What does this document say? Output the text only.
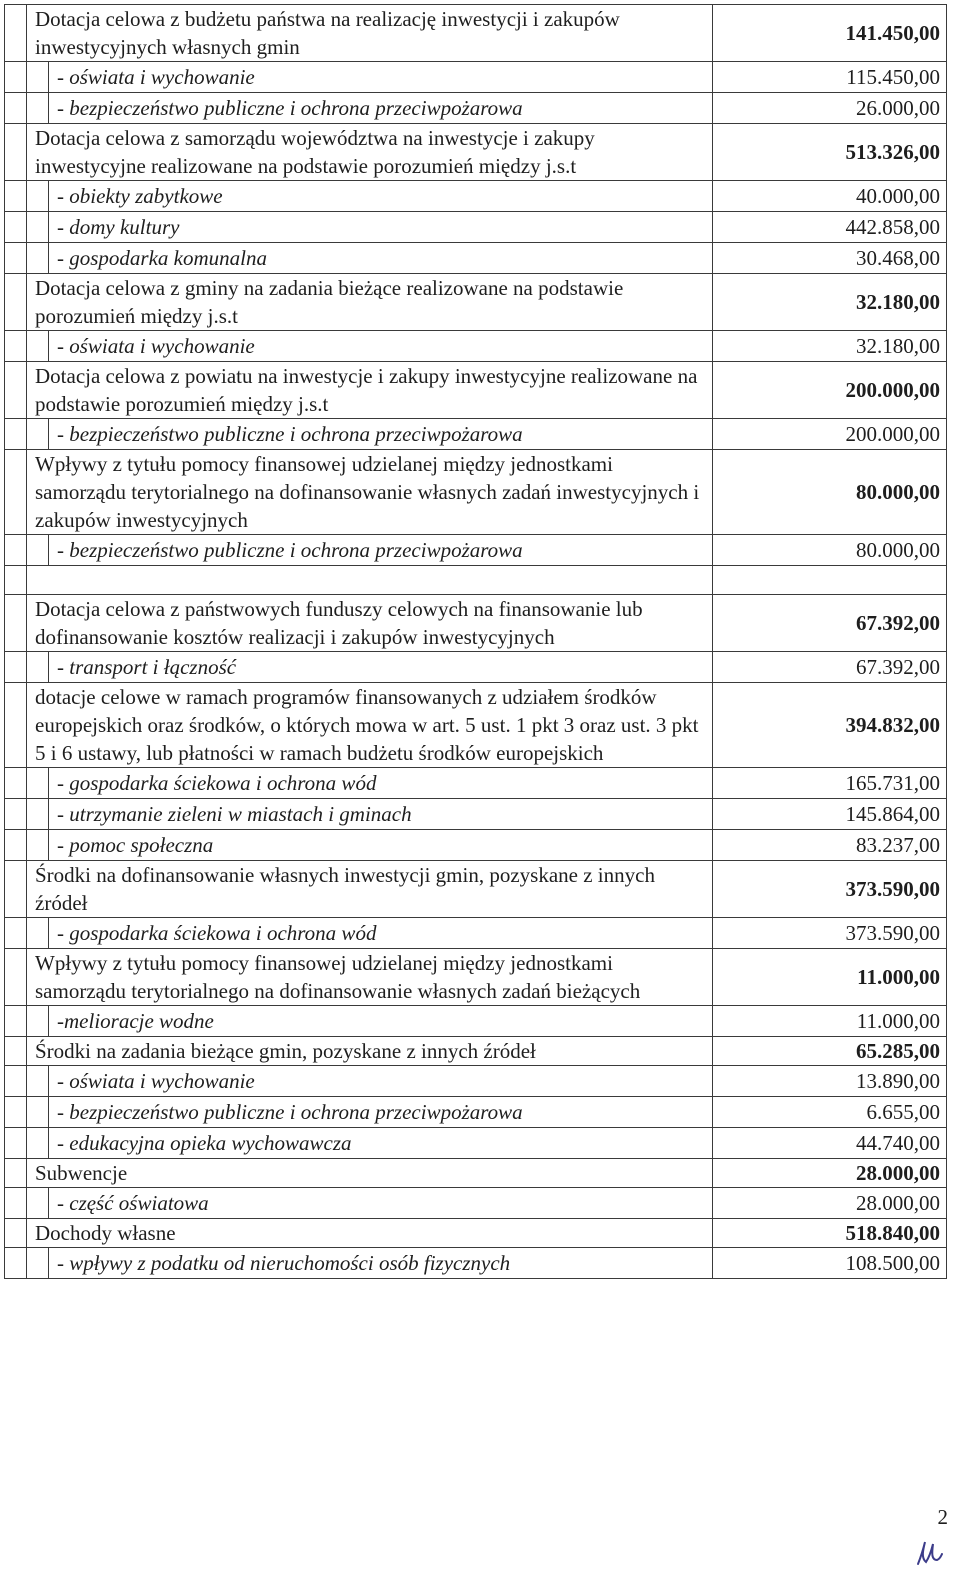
	Dotacja celowa z budżetu państwa na realizację inwestycji i zakupów inwestycyjnych własnych gmin		141.450,00
		- oświata i wychowanie	115.450,00
		- bezpieczeństwo publiczne i ochrona przeciwpożarowa	26.000,00
	Dotacja celowa z samorządu województwa na inwestycje i zakupy inwestycyjne realizowane na podstawie porozumień między j.s.t		513.326,00
		- obiekty zabytkowe	40.000,00
		- domy kultury	442.858,00
		- gospodarka komunalna	30.468,00
	Dotacja celowa z gminy na zadania bieżące realizowane na podstawie porozumień między j.s.t		32.180,00
		- oświata i wychowanie	32.180,00
	Dotacja celowa z powiatu na inwestycje i zakupy inwestycyjne realizowane na podstawie porozumień między j.s.t		200.000,00
		- bezpieczeństwo publiczne i ochrona przeciwpożarowa	200.000,00
	Wpływy z tytułu pomocy finansowej udzielanej między jednostkami samorządu terytorialnego na dofinansowanie własnych zadań inwestycyjnych i zakupów inwestycyjnych		80.000,00
		- bezpieczeństwo publiczne i ochrona przeciwpożarowa	80.000,00

	Dotacja celowa z państwowych funduszy celowych na finansowanie lub dofinansowanie kosztów realizacji i zakupów inwestycyjnych		67.392,00
		- transport i łączność	67.392,00
	dotacje celowe w ramach programów finansowanych z udziałem środków europejskich oraz środków, o których mowa w art. 5 ust. 1 pkt 3 oraz ust. 3 pkt 5 i 6 ustawy, lub płatności w ramach budżetu środków europejskich		394.832,00
		- gospodarka ściekowa i ochrona wód	165.731,00
		- utrzymanie zieleni w miastach i gminach	145.864,00
		- pomoc społeczna	83.237,00
	Środki na dofinansowanie własnych inwestycji gmin, pozyskane z innych źródeł		373.590,00
		- gospodarka ściekowa i ochrona wód	373.590,00
	Wpływy z tytułu pomocy finansowej udzielanej między jednostkami samorządu terytorialnego na dofinansowanie własnych zadań bieżących		11.000,00
		-melioracje wodne	11.000,00
	Środki na zadania bieżące gmin, pozyskane z innych źródeł		65.285,00
		- oświata i wychowanie	13.890,00
		- bezpieczeństwo publiczne i ochrona przeciwpożarowa	6.655,00
		- edukacyjna opieka wychowawcza	44.740,00
	Subwencje		28.000,00
		- część oświatowa	28.000,00
	Dochody własne		518.840,00
		- wpływy z podatku od nieruchomości osób fizycznych	108.500,00
2
